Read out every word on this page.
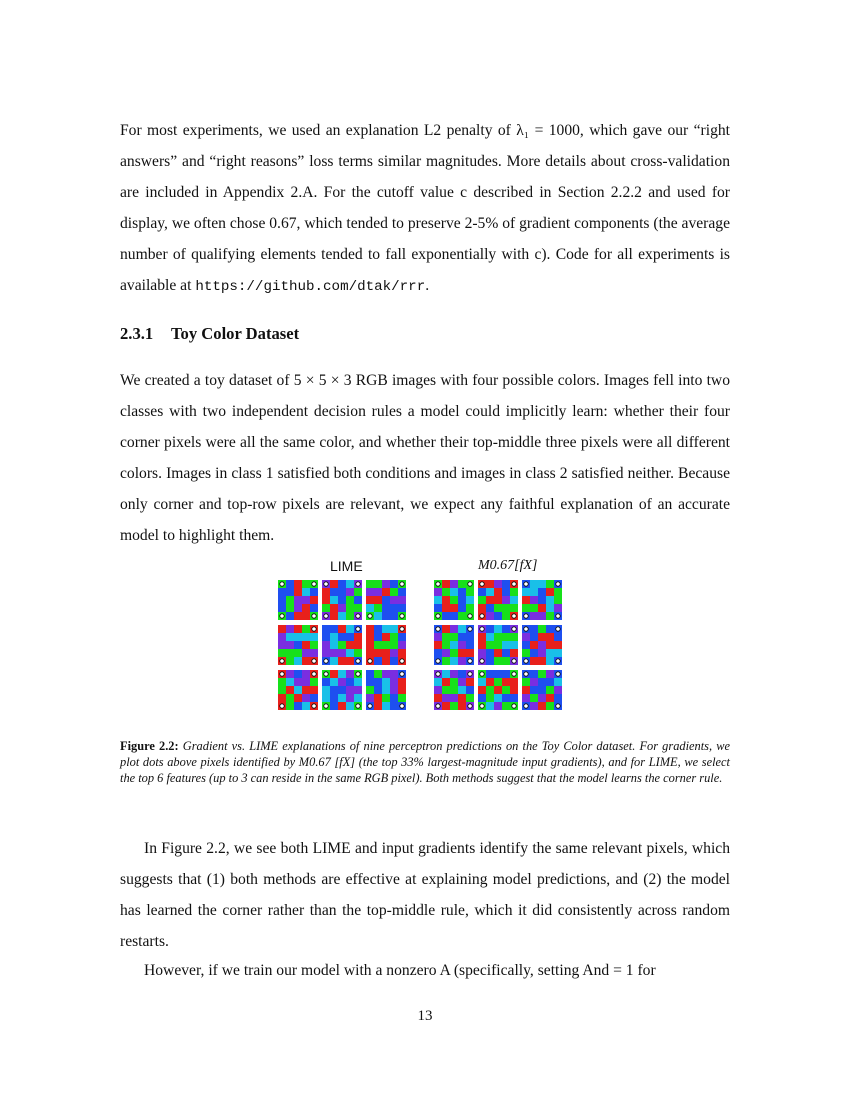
For most experiments, we used an explanation L2 penalty of λ₁ = 1000, which gave our “right answers” and “right reasons” loss terms similar magnitudes. More details about cross-validation are included in Appendix 2.A. For the cutoff value c described in Section 2.2.2 and used for display, we often chose 0.67, which tended to preserve 2-5% of gradient components (the average number of qualifying elements tended to fall exponentially with c). Code for all experiments is available at https://github.com/dtak/rrr.

2.3.1 Toy Color Dataset

We created a toy dataset of 5 × 5 × 3 RGB images with four possible colors. Images fell into two classes with two independent decision rules a model could implicitly learn: whether their four corner pixels were all the same color, and whether their top-middle three pixels were all different colors. Images in class 1 satisfied both conditions and images in class 2 satisfied neither. Because only corner and top-row pixels are relevant, we expect any faithful explanation of an accurate model to highlight them.

LIME	M0.67[fX]
Figure 2.2: Gradient vs. LIME explanations of nine perceptron predictions on the Toy Color dataset. For gradients, we plot dots above pixels identified by M0.67 [fX] (the top 33% largest-magnitude input gradients), and for LIME, we select the top 6 features (up to 3 can reside in the same RGB pixel). Both methods suggest that the model learns the corner rule.

In Figure 2.2, we see both LIME and input gradients identify the same relevant pixels, which suggests that (1) both methods are effective at explaining model predictions, and (2) the model has learned the corner rather than the top-middle rule, which it did consistently across random restarts.

However, if we train our model with a nonzero A (specifically, setting And = 1 for

13
